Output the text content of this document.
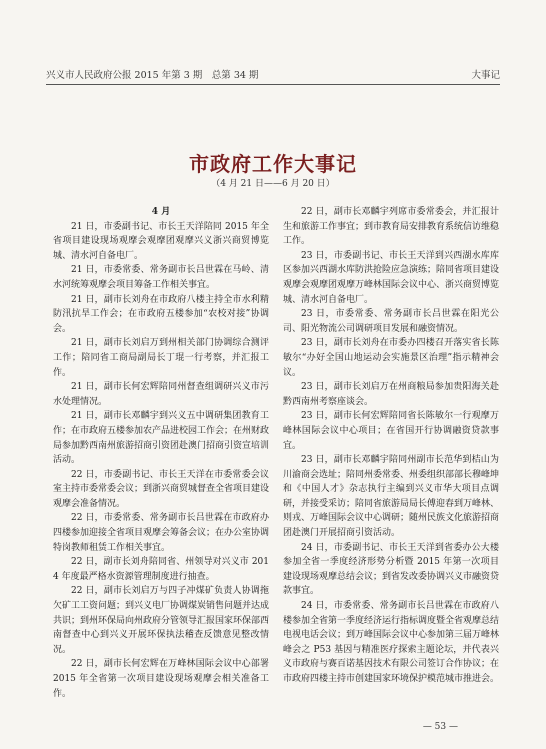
兴义市人民政府公报 2015 年第 3 期　总第 34 期	大事记
市政府工作大事记
（4 月 21 日——6 月 20 日）
4 月

21 日，市委副书记、市长王天洋陪同 2015 年全省项目建设现场观摩会观摩团观摩兴义浙兴商贸博览城、清水河自备电厂。

21 日，市委常委、常务副市长吕世霖在马岭、清水河统筹观摩会项目筹备工作相关事宜。

21 日，副市长刘舟在市政府八楼主持全市水利精防汛抗旱工作会；在市政府五楼参加“农校对接”协调会。

21 日，副市长刘启万到州相关部门协调综合测评工作；陪同省工商局副局长丁琨一行考察，并汇报工作。

21 日，副市长何宏辉陪同州督查组调研兴义市污水处理情况。

21 日，副市长邓麟宇到兴义五中调研集团教育工作；在市政府五楼参加农产品进校园工作会；在州财政局参加黔西南州旅游招商引资团赴澳门招商引资宣培训活动。

22 日，市委副书记、市长王天洋在市委常委会议室主持市委常委会议；到浙兴商贸城督查全省项目建设观摩会准备情况。

22 日，市委常委、常务副市长吕世霖在市政府办四楼参加迎接全省项目观摩会筹备会议；在办公室协调特岗教师租赁工作相关事宜。

22 日，副市长刘舟陪同省、州领导对兴义市 2014 年度最严格水资源管理制度进行抽查。

22 日，副市长刘启万与四子冲煤矿负责人协调拖欠矿工工资问题；到兴义电厂协调煤炭销售问题并达成共识；到州环保局向州政府分管领导汇报国家环保部西南督查中心到兴义开展环保执法稽查反馈意见整改情况。

22 日，副市长何宏辉在万峰林国际会议中心部署 2015 年全省第一次项目建设现场观摩会相关准备工作。

22 日，副市长邓麟宇列席市委常委会，并汇报计生和旅游工作事宜；到市教育局安排教育系统信访维稳工作。

23 日，市委副书记、市长王天洋到兴西湖水库库区参加兴西湖水库防洪抢险应急演练；陪同省项目建设观摩会观摩团观摩万峰林国际会议中心、浙兴商贸博览城、清水河自备电厂。

23 日，市委常委、常务副市长吕世霖在阳光公司、阳光物流公司调研项目发展和融资情况。

23 日，副市长刘舟在市委办四楼召开落实省长陈敏尔“办好全国山地运动会实施景区治理”指示精神会议。

23 日，副市长刘启万在州商粮局参加贵阳海关赴黔西南州考察座谈会。

23 日，副市长何宏辉陪同省长陈敏尔一行观摩万峰林国际会议中心项目；在省国开行协调融资贷款事宜。

23 日，副市长邓麟宇陪同州副市长范华到桔山为川渝商会选址；陪同州委常委、州委组织部部长穆峰坤和《中国人才》杂志执行主编到兴义市华大项目点调研，并接受采访；陪同省旅游局局长傅迎春到万峰林、则戎、万峰国际会议中心调研；随州民族文化旅游招商团赴澳门开展招商引资活动。

24 日，市委副书记、市长王天洋到省委办公大楼参加全省一季度经济形势分析暨 2015 年第一次项目建设现场观摩总结会议；到省发改委协调兴义市融资贷款事宜。

24 日，市委常委、常务副市长吕世霖在市政府八楼参加全省第一季度经济运行指标调度暨全省观摩总结电视电话会议；到万峰国际会议中心参加第三届万峰林峰会之 P53 基因与精准医疗探索主题论坛，并代表兴义市政府与赛百诺基因技术有限公司签订合作协议；在市政府四楼主持市创建国家环境保护模范城市推进会。

— 53 —
